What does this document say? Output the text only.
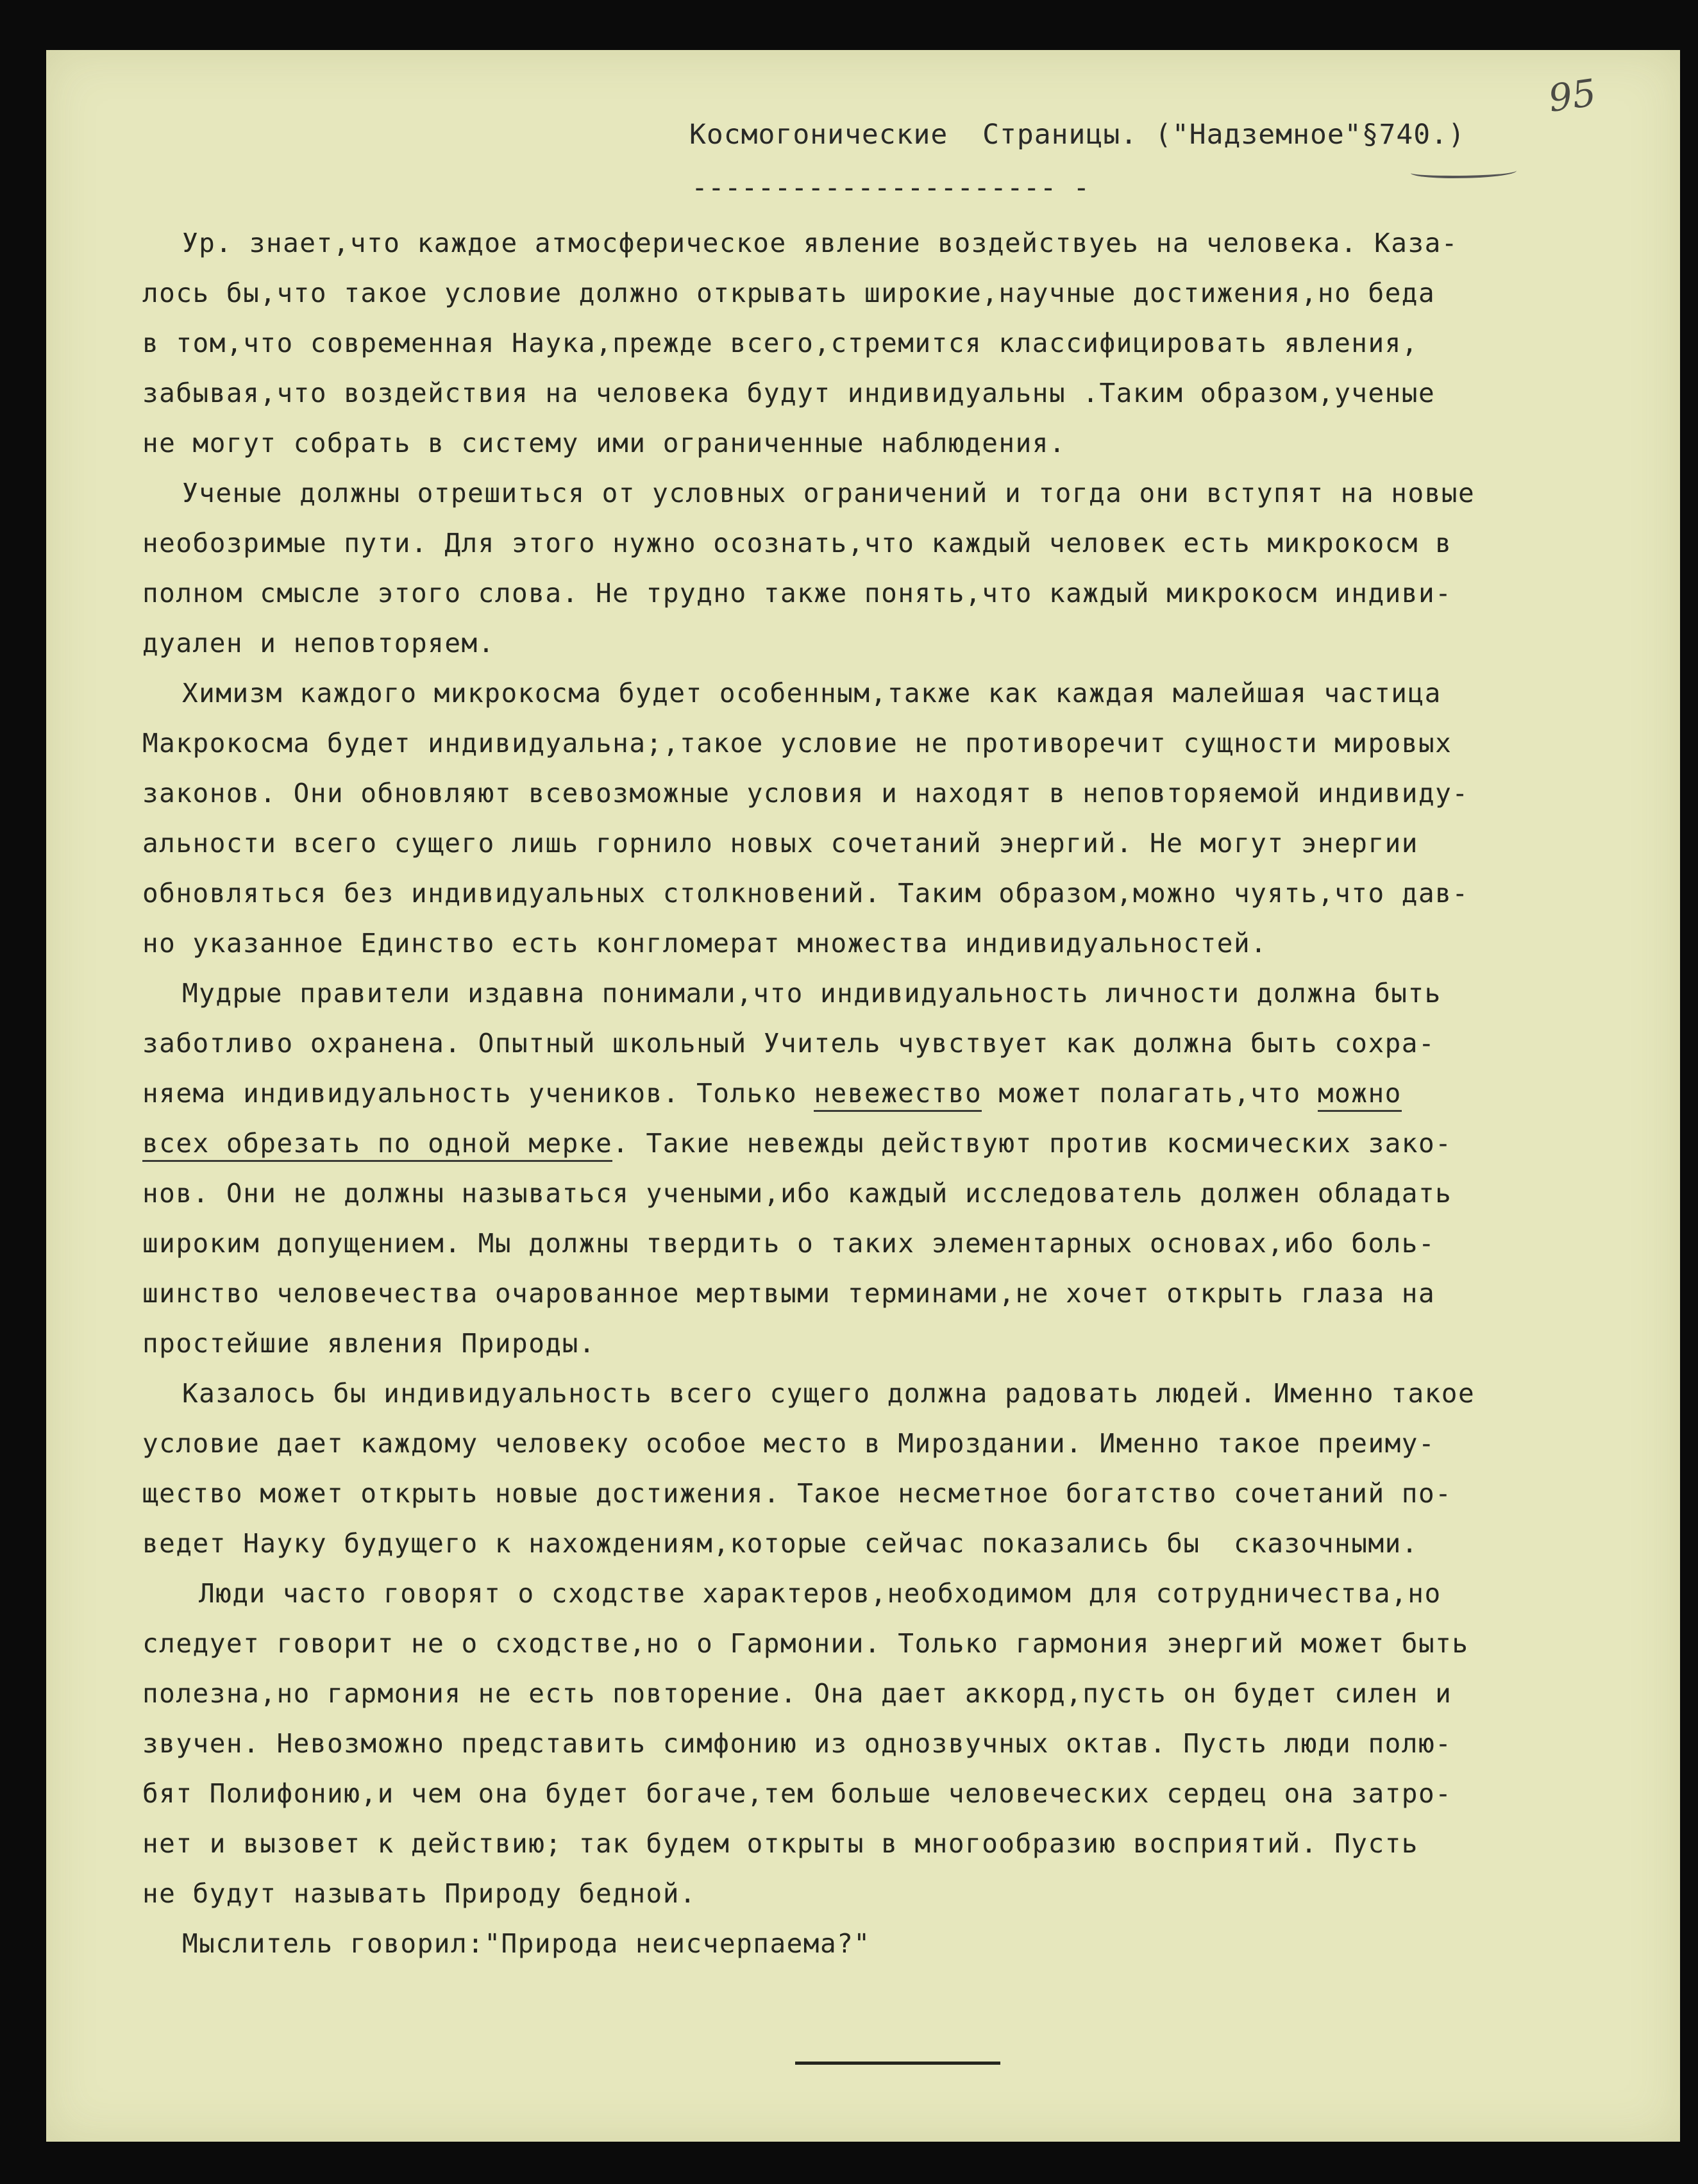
95
Космогонические  Страницы. ("Надземное"§740.)
---------------------- -
Ур. знает,что каждое атмосферическое явление воздействуеь на человека. Каза-
лось бы,что такое условие должно открывать широкие,научные достижения,но беда
в том,что современная Наука,прежде всего,стремится классифицировать явления,
забывая,что воздействия на человека будут индивидуальны .Таким образом,ученые
не могут собрать в систему ими ограниченные наблюдения.
Ученые должны отрешиться от условных ограничений и тогда они вступят на новые
необозримые пути. Для этого нужно осознать,что каждый человек есть микрокосм в
полном смысле этого слова. Не трудно также понять,что каждый микрокосм индиви-
дуален и неповторяем.
Химизм каждого микрокосма будет особенным,также как каждая малейшая частица
Макрокосма будет индивидуальна;,такое условие не противоречит сущности мировых
законов. Они обновляют всевозможные условия и находят в неповторяемой индивиду-
альности всего сущего лишь горнило новых сочетаний энергий. Не могут энергии
обновляться без индивидуальных столкновений. Таким образом,можно чуять,что дав-
но указанное Единство есть конгломерат множества индивидуальностей.
Мудрые правители издавна понимали,что индивидуальность личности должна быть
заботливо охранена. Опытный школьный Учитель чувствует как должна быть сохра-
няема индивидуальность учеников. Только невежество может полагать,что можно
всех обрезать по одной мерке. Такие невежды действуют против космических зако-
нов. Они не должны называться учеными,ибо каждый исследователь должен обладать
широким допущением. Мы должны твердить о таких элементарных основах,ибо боль-
шинство человечества очарованное мертвыми терминами,не хочет открыть глаза на
простейшие явления Природы.
Казалось бы индивидуальность всего сущего должна радовать людей. Именно такое
условие дает каждому человеку особое место в Мироздании. Именно такое преиму-
щество может открыть новые достижения. Такое несметное богатство сочетаний по-
ведет Науку будущего к нахождениям,которые сейчас показались бы  сказочными.
Люди часто говорят о сходстве характеров,необходимом для сотрудничества,но
следует говорит не о сходстве,но о Гармонии. Только гармония энергий может быть
полезна,но гармония не есть повторение. Она дает аккорд,пусть он будет силен и
звучен. Невозможно представить симфонию из однозвучных октав. Пусть люди полю-
бят Полифонию,и чем она будет богаче,тем больше человеческих сердец она затро-
нет и вызовет к действию; так будем открыты в многообразию восприятий. Пусть
не будут называть Природу бедной.
Мыслитель говорил:"Природа неисчерпаема?"
